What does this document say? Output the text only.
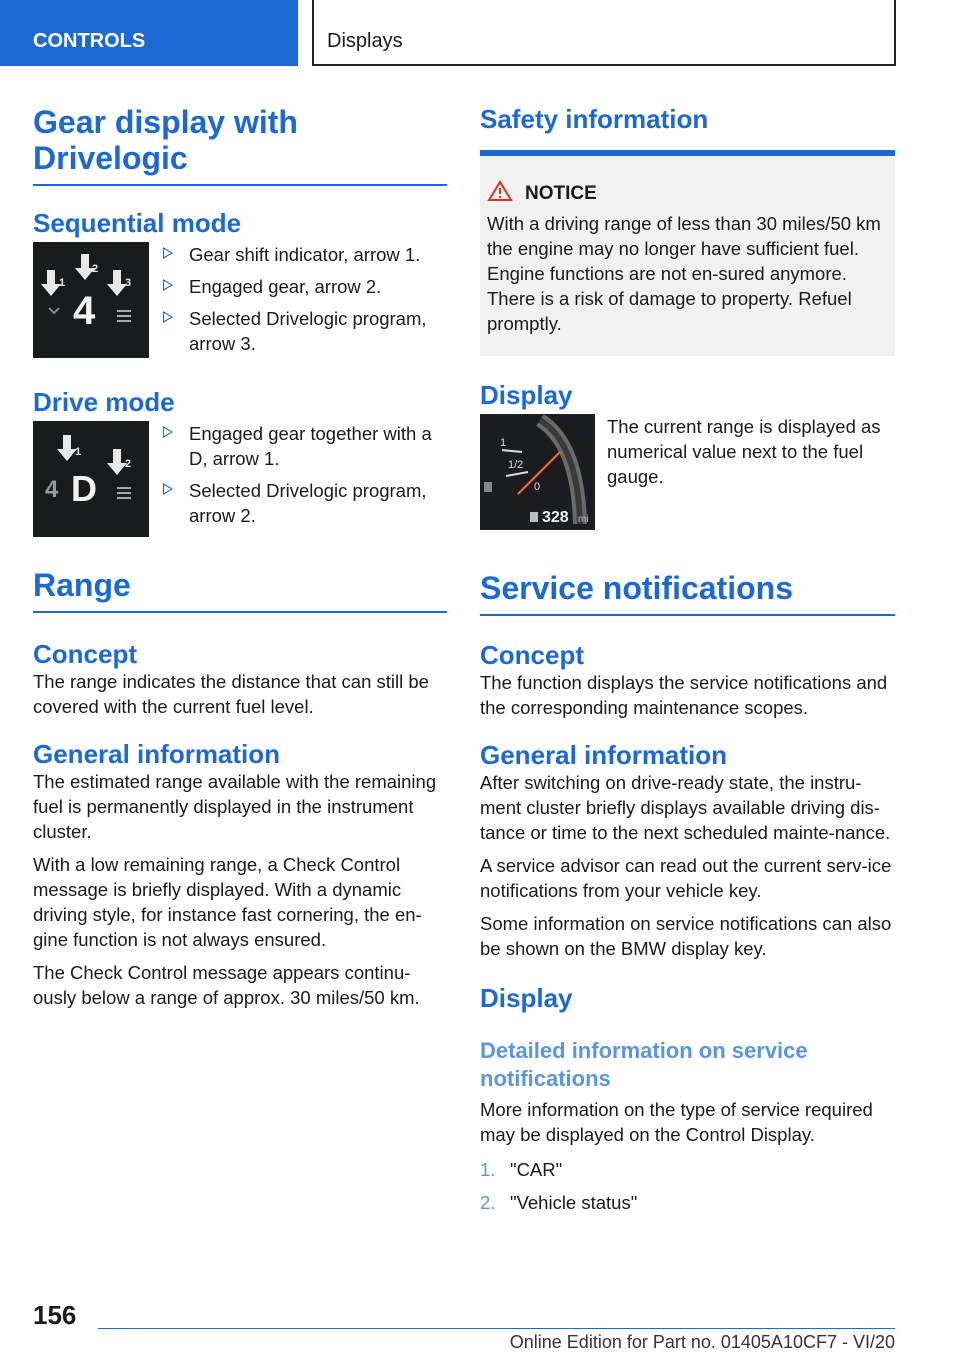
CONTROLS	Displays
Gear display with Drivelogic
Sequential mode
1
2
3
4
Gear shift indicator, arrow 1.
Engaged gear, arrow 2.
Selected Drivelogic program, arrow 3.
Drive mode
1
2
4 D
Engaged gear together with a D, arrow 1.
Selected Drivelogic program, arrow 2.
Range
Concept

The range indicates the distance that can still be covered with the current fuel level.

General information

The estimated range available with the remaining fuel is permanently displayed in the instrument cluster.

With a low remaining range, a Check Control message is briefly displayed. With a dynamic driving style, for instance fast cornering, the en-gine function is not always ensured.

The Check Control message appears continu-ously below a range of approx. 30 miles/50 km.

Safety information
NOTICE

With a driving range of less than 30 miles/50 km the engine may no longer have sufficient fuel. Engine functions are not en-sured anymore. There is a risk of damage to property. Refuel promptly.

Display
1
1/2
0
328 mi

The current range is displayed as numerical value next to the fuel gauge.

Service notifications
Concept

The function displays the service notifications and the corresponding maintenance scopes.

General information

After switching on drive-ready state, the instru-ment cluster briefly displays available driving dis-tance or time to the next scheduled mainte-nance.

A service advisor can read out the current serv-ice notifications from your vehicle key.

Some information on service notifications can also be shown on the BMW display key.

Display
Detailed information on service notifications

More information on the type of service required may be displayed on the Control Display.

1. "CAR"
2. "Vehicle status"
156
Online Edition for Part no. 01405A10CF7 - VI/20
